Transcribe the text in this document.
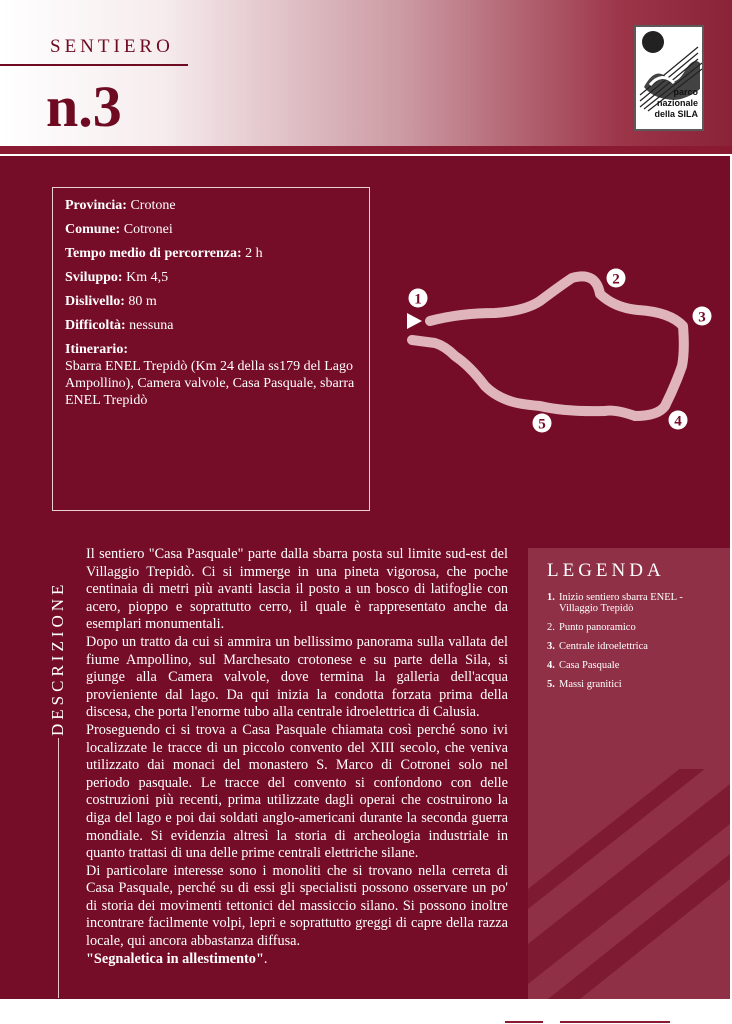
SENTIERO
n.3	parco
nazionale
della SILA
Provincia: Crotone
Comune: Cotronei
Tempo medio di percorrenza: 2 h
Sviluppo: Km 4,5
Dislivello: 80 m
Difficoltà: nessuna
Itinerario:
Sbarra ENEL Trepidò (Km 24 della ss179 del Lago Ampollino), Camera valvole, Casa Pasquale, sbarra ENEL Trepidò
1
2
3
4
5
DESCRIZIONE

Il sentiero "Casa Pasquale" parte dalla sbarra posta sul limite sud-est del Villaggio Trepidò. Ci si immerge in una pineta vigorosa, che poche centinaia di metri più avanti lascia il posto a un bosco di latifoglie con acero, pioppo e soprattutto cerro, il quale è rappresentato anche da esemplari monumentali.

Dopo un tratto da cui si ammira un bellissimo panorama sulla vallata del fiume Ampollino, sul Marchesato crotonese e su parte della Sila, si giunge alla Camera valvole, dove termina la galleria dell'acqua provieniente dal lago. Da qui inizia la condotta forzata prima della discesa, che porta l'enorme tubo alla centrale idroelettrica di Calusia.

Proseguendo ci si trova a Casa Pasquale chiamata così perché sono ivi localizzate le tracce di un piccolo convento del XIII secolo, che veniva utilizzato dai monaci del monastero S. Marco di Cotronei solo nel periodo pasquale. Le tracce del convento si confondono con delle costruzioni più recenti, prima utilizzate dagli operai che costruirono la diga del lago e poi dai soldati anglo-americani durante la seconda guerra mondiale. Si evidenzia altresì la storia di archeologia industriale in quanto trattasi di una delle prime centrali elettriche silane.

Di particolare interesse sono i monoliti che si trovano nella cerreta di Casa Pasquale, perché su di essi gli specialisti possono osservare un po' di storia dei movimenti tettonici del massiccio silano. Si possono inoltre incontrare facilmente volpi, lepri e soprattutto greggi di capre della razza locale, qui ancora abbastanza diffusa.

"Segnaletica in allestimento".

LEGENDA
1. Inizio sentiero sbarra ENEL - Villaggio Trepidò
2. Punto panoramico
3. Centrale idroelettrica
4. Casa Pasquale
5. Massi granitici
